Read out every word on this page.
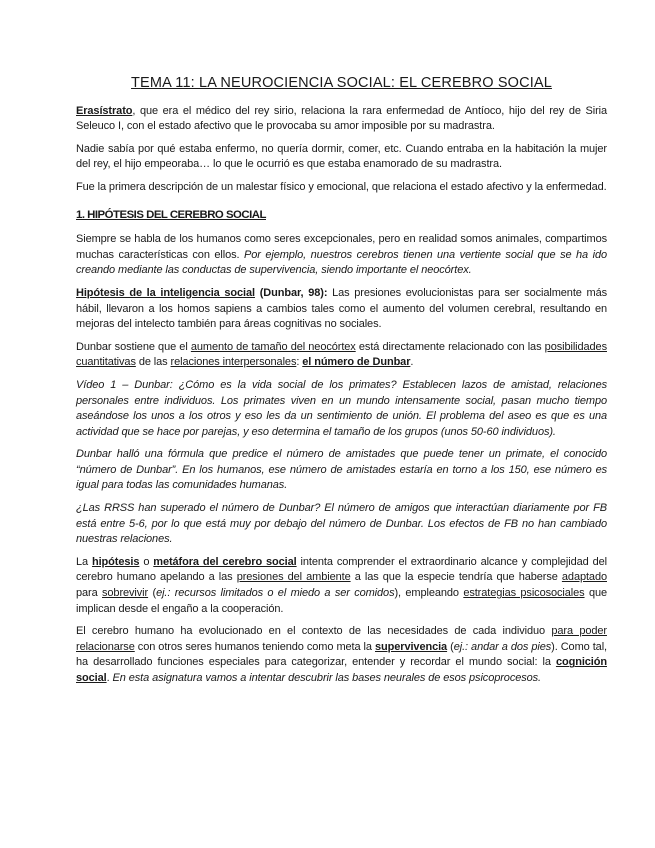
TEMA 11: LA NEUROCIENCIA SOCIAL: EL CEREBRO SOCIAL

Erasístrato, que era el médico del rey sirio, relaciona la rara enfermedad de Antíoco, hijo del rey de Siria Seleuco I, con el estado afectivo que le provocaba su amor imposible por su madrastra.

Nadie sabía por qué estaba enfermo, no quería dormir, comer, etc. Cuando entraba en la habitación la mujer del rey, el hijo empeoraba… lo que le ocurrió es que estaba enamorado de su madrastra.

Fue la primera descripción de un malestar físico y emocional, que relaciona el estado afectivo y la enfermedad.

1. HIPÓTESIS DEL CEREBRO SOCIAL

Siempre se habla de los humanos como seres excepcionales, pero en realidad somos animales, compartimos muchas características con ellos. Por ejemplo, nuestros cerebros tienen una vertiente social que se ha ido creando mediante las conductas de supervivencia, siendo importante el neocórtex.

Hipótesis de la inteligencia social (Dunbar, 98): Las presiones evolucionistas para ser socialmente más hábil, llevaron a los homos sapiens a cambios tales como el aumento del volumen cerebral, resultando en mejoras del intelecto también para áreas cognitivas no sociales.

Dunbar sostiene que el aumento de tamaño del neocórtex está directamente relacionado con las posibilidades cuantitativas de las relaciones interpersonales: el número de Dunbar.

Vídeo 1 – Dunbar: ¿Cómo es la vida social de los primates? Establecen lazos de amistad, relaciones personales entre individuos. Los primates viven en un mundo intensamente social, pasan mucho tiempo aseándose los unos a los otros y eso les da un sentimiento de unión. El problema del aseo es que es una actividad que se hace por parejas, y eso determina el tamaño de los grupos (unos 50-60 individuos).

Dunbar halló una fórmula que predice el número de amistades que puede tener un primate, el conocido “número de Dunbar”. En los humanos, ese número de amistades estaría en torno a los 150, ese número es igual para todas las comunidades humanas.

¿Las RRSS han superado el número de Dunbar? El número de amigos que interactúan diariamente por FB está entre 5-6, por lo que está muy por debajo del número de Dunbar. Los efectos de FB no han cambiado nuestras relaciones.

La hipótesis o metáfora del cerebro social intenta comprender el extraordinario alcance y complejidad del cerebro humano apelando a las presiones del ambiente a las que la especie tendría que haberse adaptado para sobrevivir (ej.: recursos limitados o el miedo a ser comidos), empleando estrategias psicosociales que implican desde el engaño a la cooperación.

El cerebro humano ha evolucionado en el contexto de las necesidades de cada individuo para poder relacionarse con otros seres humanos teniendo como meta la supervivencia (ej.: andar a dos pies). Como tal, ha desarrollado funciones especiales para categorizar, entender y recordar el mundo social: la cognición social. En esta asignatura vamos a intentar descubrir las bases neurales de esos psicoprocesos.
